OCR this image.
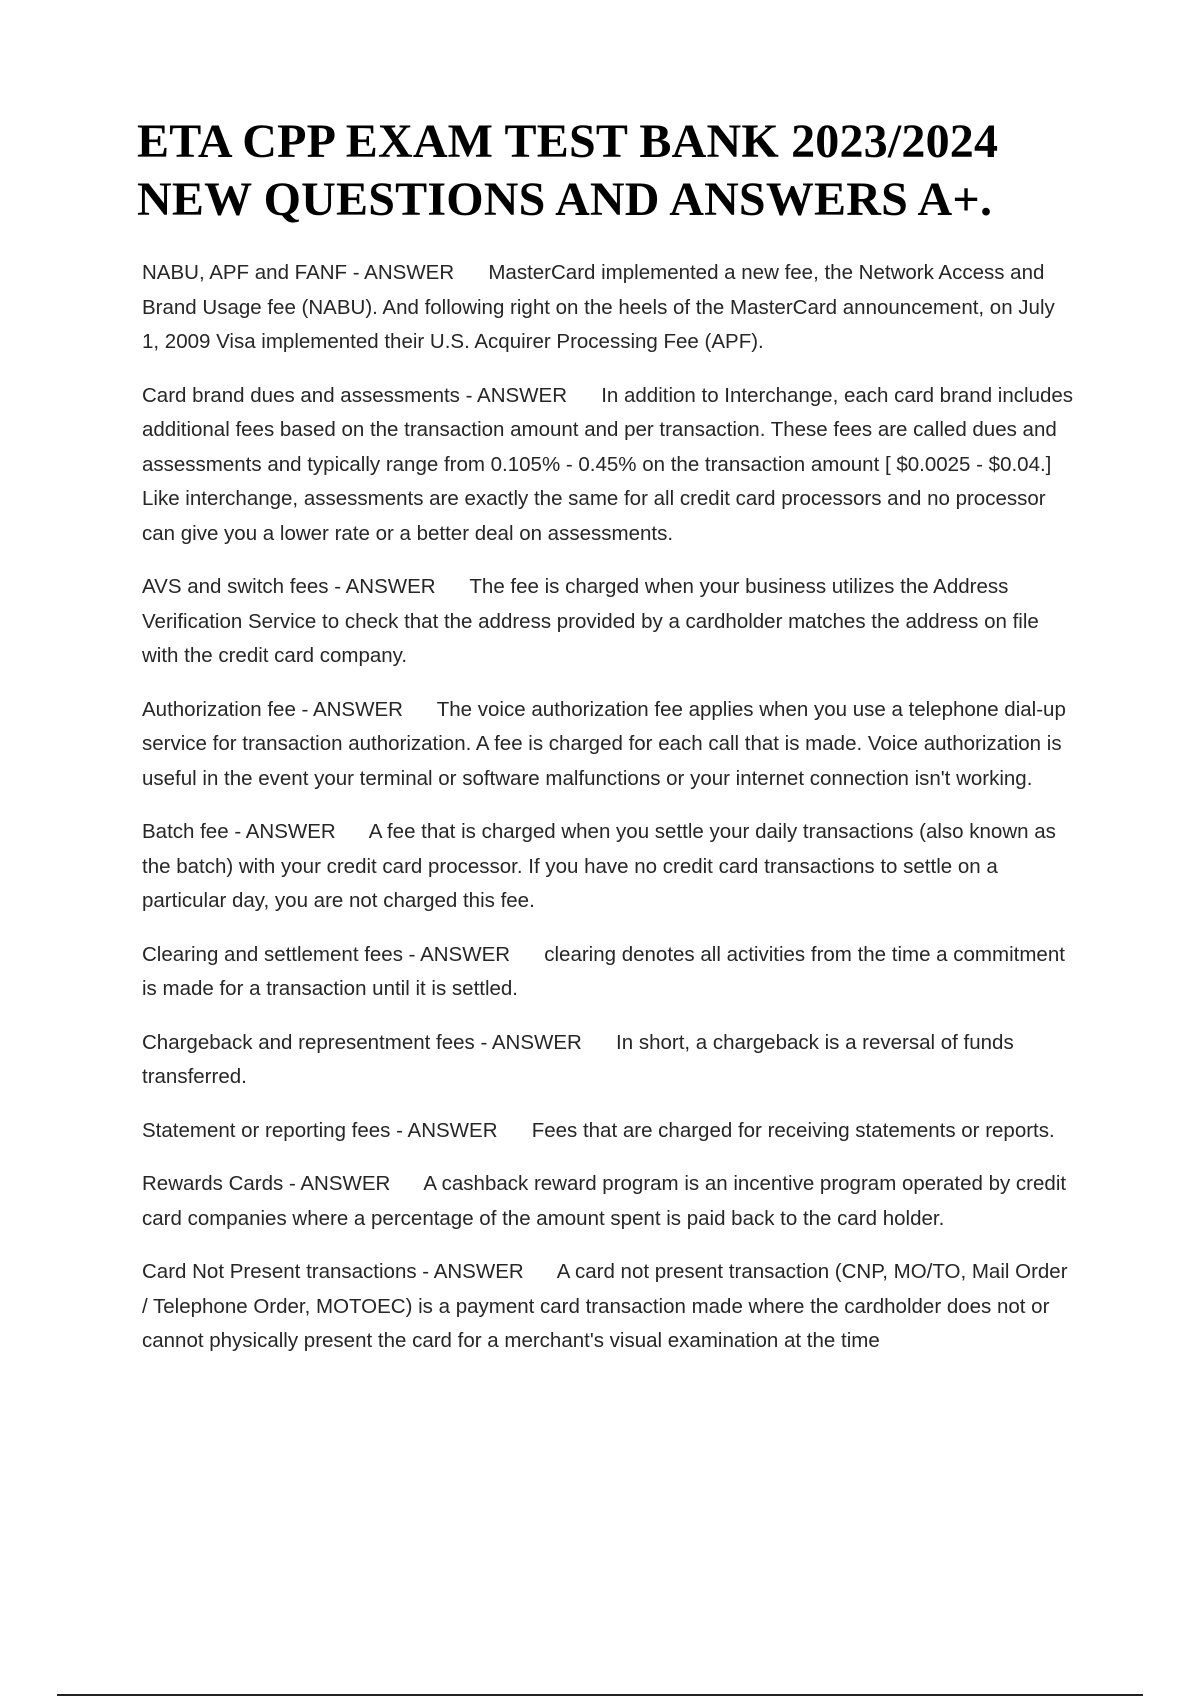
ETA CPP EXAM TEST BANK 2023/2024
NEW QUESTIONS AND ANSWERS A+.

NABU, APF and FANF - ANSWER MasterCard implemented a new fee, the Network Access and Brand Usage fee (NABU). And following right on the heels of the MasterCard announcement, on July 1, 2009 Visa implemented their U.S. Acquirer Processing Fee (APF).

Card brand dues and assessments - ANSWER In addition to Interchange, each card brand includes additional fees based on the transaction amount and per transaction. These fees are called dues and assessments and typically range from 0.105% - 0.45% on the transaction amount [ $0.0025 - $0.04.] Like interchange, assessments are exactly the same for all credit card processors and no processor can give you a lower rate or a better deal on assessments.

AVS and switch fees - ANSWER The fee is charged when your business utilizes the Address Verification Service to check that the address provided by a cardholder matches the address on file with the credit card company.

Authorization fee - ANSWER The voice authorization fee applies when you use a telephone dial-up service for transaction authorization. A fee is charged for each call that is made. Voice authorization is useful in the event your terminal or software malfunctions or your internet connection isn't working.

Batch fee - ANSWER A fee that is charged when you settle your daily transactions (also known as the batch) with your credit card processor. If you have no credit card transactions to settle on a particular day, you are not charged this fee.

Clearing and settlement fees - ANSWER clearing denotes all activities from the time a commitment is made for a transaction until it is settled.

Chargeback and representment fees - ANSWER In short, a chargeback is a reversal of funds transferred.

Statement or reporting fees - ANSWER Fees that are charged for receiving statements or reports.

Rewards Cards - ANSWER A cashback reward program is an incentive program operated by credit card companies where a percentage of the amount spent is paid back to the card holder.

Card Not Present transactions - ANSWER A card not present transaction (CNP, MO/TO, Mail Order / Telephone Order, MOTOEC) is a payment card transaction made where the cardholder does not or cannot physically present the card for a merchant's visual examination at the time
